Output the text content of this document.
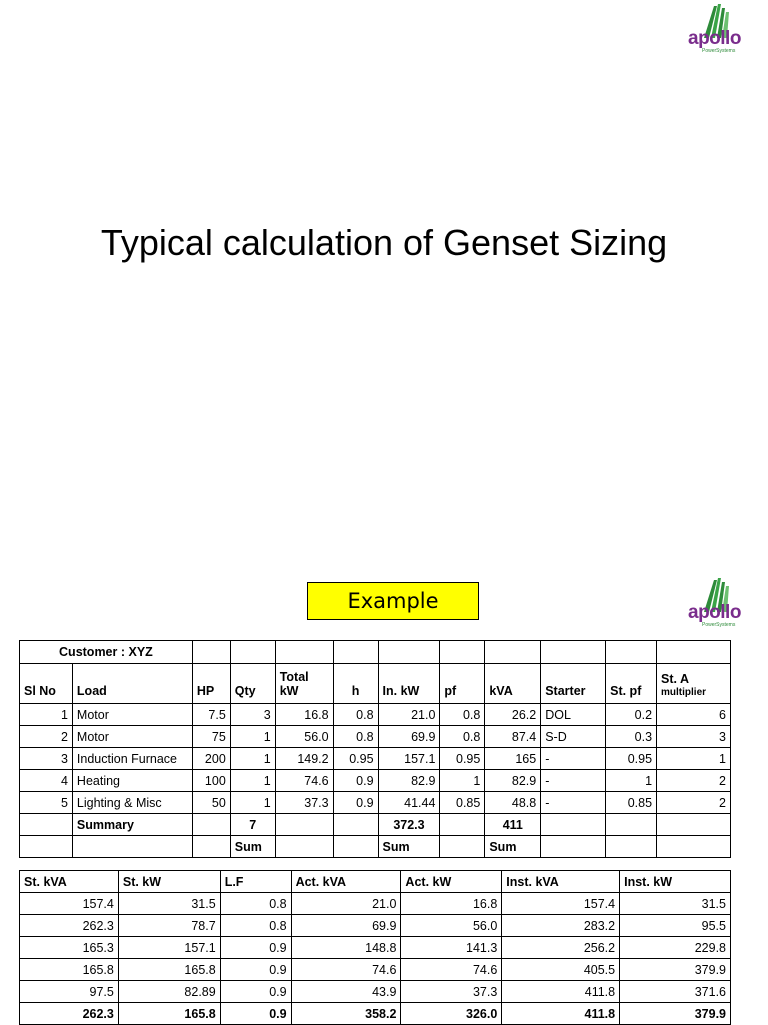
apollo
PowerSystems
Typical calculation of Genset Sizing
Example	apollo
PowerSystems
Customer : XYZ											
Sl No	Load	HP	Qty	Total kW	h	In. kW	pf	kVA	Starter	St. pf	St. A
multiplier

1	Motor	7.5	3	16.8	0.8	21.0	0.8	26.2	DOL	0.2	6
2	Motor	75	1	56.0	0.8	69.9	0.8	87.4	S-D	0.3	3
3	Induction Furnace	200	1	149.2	0.95	157.1	0.95	165	-	0.95	1
4	Heating	100	1	74.6	0.9	82.9	1	82.9	-	1	2
5	Lighting & Misc	50	1	37.3	0.9	41.44	0.85	48.8	-	0.85	2
	Summary		7			372.3		411			
			Sum			Sum		Sum			
St. kVA	St. kW	L.F	Act. kVA	Act. kW	Inst. kVA	Inst. kW
157.4	31.5	0.8	21.0	16.8	157.4	31.5
262.3	78.7	0.8	69.9	56.0	283.2	95.5
165.3	157.1	0.9	148.8	141.3	256.2	229.8
165.8	165.8	0.9	74.6	74.6	405.5	379.9
97.5	82.89	0.9	43.9	37.3	411.8	371.6
262.3	165.8	0.9	358.2	326.0	411.8	379.9
